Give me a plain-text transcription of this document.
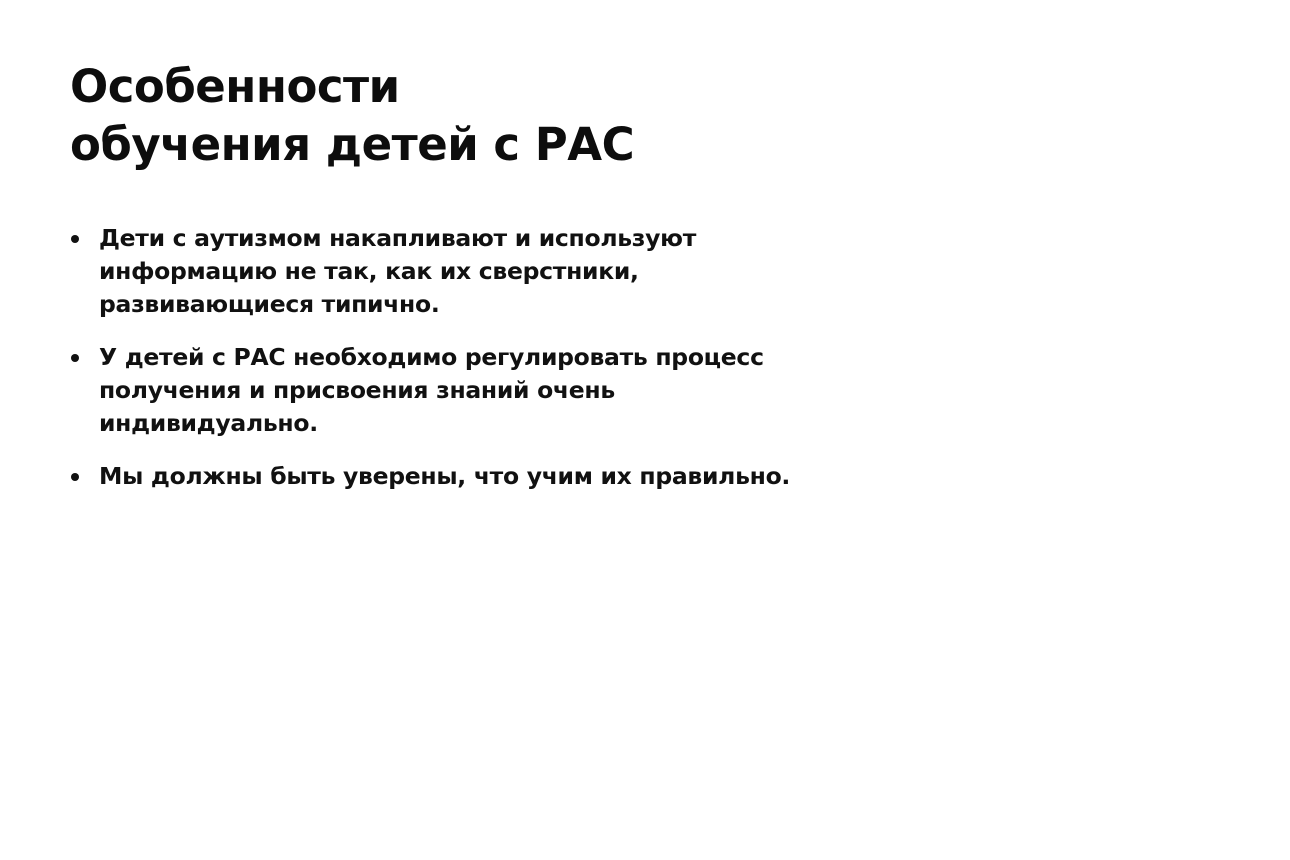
Особенности
обучения детей с РАС
Дети с аутизмом накапливают и используют
информацию не так, как их сверстники,
развивающиеся типично.
У детей с РАС необходимо регулировать процесс
получения и присвоения знаний очень
индивидуально.
Мы должны быть уверены, что учим их правильно.
